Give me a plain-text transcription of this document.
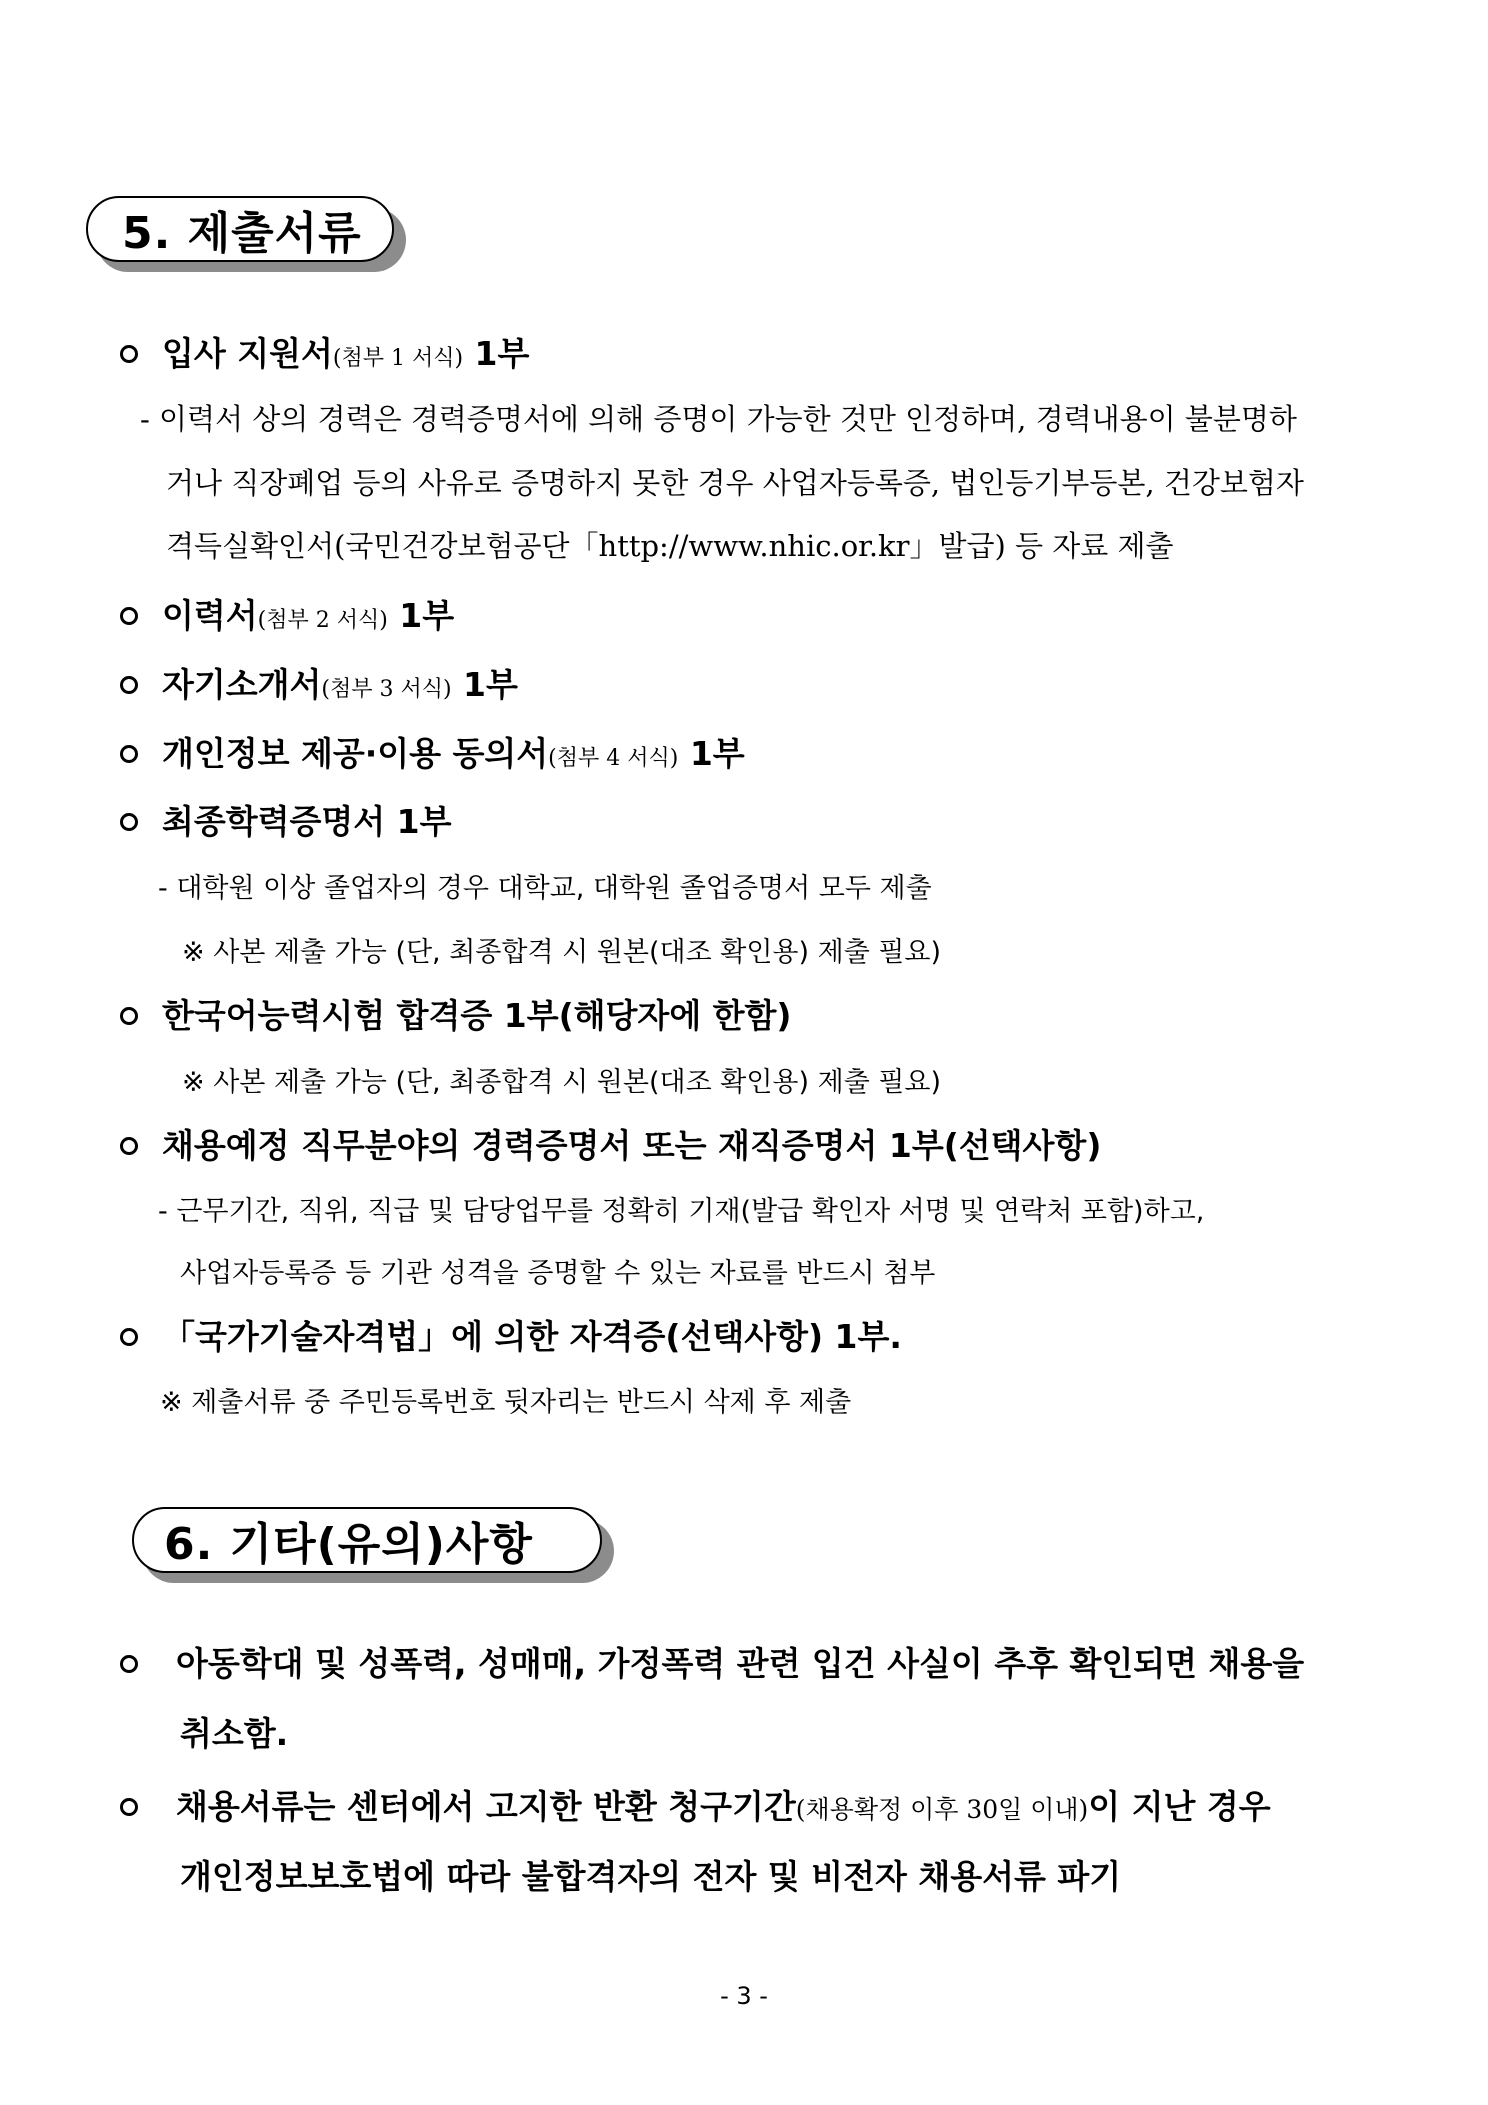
5. 제출서류
입사 지원서(첨부 1 서식) 1부
- 이력서 상의 경력은 경력증명서에 의해 증명이 가능한 것만 인정하며, 경력내용이 불분명하
거나 직장폐업 등의 사유로 증명하지 못한 경우 사업자등록증, 법인등기부등본, 건강보험자
격득실확인서(국민건강보험공단「http://www.nhic.or.kr」발급) 등 자료 제출
이력서(첨부 2 서식) 1부
자기소개서(첨부 3 서식) 1부
개인정보 제공·이용 동의서(첨부 4 서식) 1부
최종학력증명서 1부
- 대학원 이상 졸업자의 경우 대학교, 대학원 졸업증명서 모두 제출
※ 사본 제출 가능 (단, 최종합격 시 원본(대조 확인용) 제출 필요)
한국어능력시험 합격증 1부(해당자에 한함)
※ 사본 제출 가능 (단, 최종합격 시 원본(대조 확인용) 제출 필요)
채용예정 직무분야의 경력증명서 또는 재직증명서 1부(선택사항)
- 근무기간, 직위, 직급 및 담당업무를 정확히 기재(발급 확인자 서명 및 연락처 포함)하고,
사업자등록증 등 기관 성격을 증명할 수 있는 자료를 반드시 첨부
「국가기술자격법」에 의한 자격증(선택사항) 1부.
※ 제출서류 중 주민등록번호 뒷자리는 반드시 삭제 후 제출
6. 기타(유의)사항
아동학대 및 성폭력, 성매매, 가정폭력 관련 입건 사실이 추후 확인되면 채용을
취소함.
채용서류는 센터에서 고지한 반환 청구기간(채용확정 이후 30일 이내)이 지난 경우
개인정보보호법에 따라 불합격자의 전자 및 비전자 채용서류 파기
- 3 -
